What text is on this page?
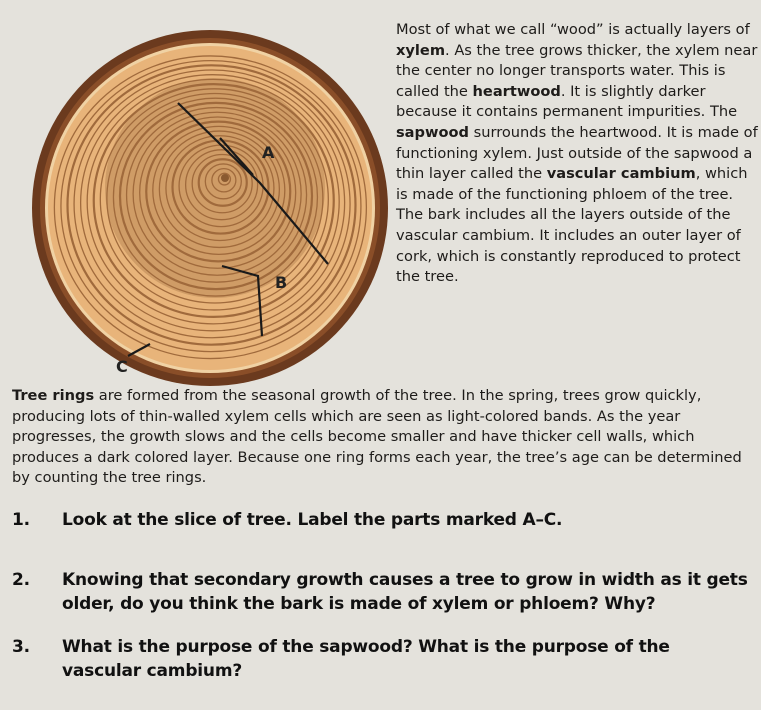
A
B
C

Most of what we call “wood” is actually layers of xylem. As the tree grows thicker, the xylem near the center no longer transports water. This is called the heartwood. It is slightly darker because it contains permanent impurities. The sapwood surrounds the heartwood. It is made of functioning xylem. Just outside of the sapwood a thin layer called the vascular cambium, which is made of the functioning phloem of the tree.

The bark includes all the layers outside of the vascular cambium. It includes an outer layer of cork, which is constantly reproduced to protect the tree.

Tree rings are formed from the seasonal growth of the tree. In the spring, trees grow quickly, producing lots of thin-walled xylem cells which are seen as light-colored bands. As the year progresses, the growth slows and the cells become smaller and have thicker cell walls, which produces a dark colored layer. Because one ring forms each year, the tree’s age can be determined by counting the tree rings.

1. Look at the slice of tree. Label the parts marked A–C.
2. Knowing that secondary growth causes a tree to grow in width as it gets older, do you think the bark is made of xylem or phloem? Why?
3. What is the purpose of the sapwood? What is the purpose of the vascular cambium?
